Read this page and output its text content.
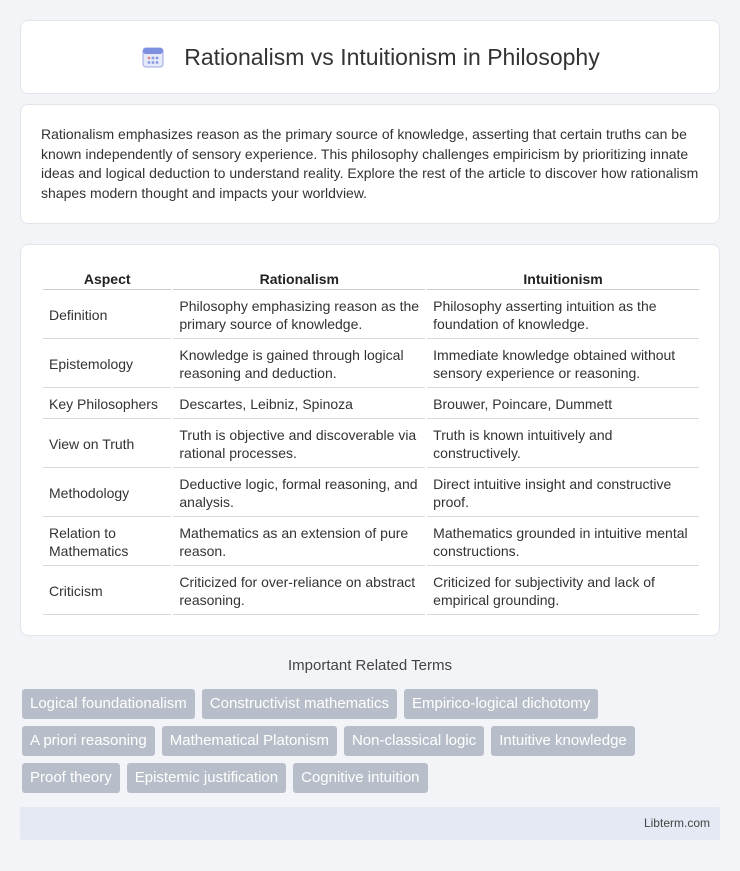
Rationalism vs Intuitionism in Philosophy

Rationalism emphasizes reason as the primary source of knowledge, asserting that certain truths can be known independently of sensory experience. This philosophy challenges empiricism by prioritizing innate ideas and logical deduction to understand reality. Explore the rest of the article to discover how rationalism shapes modern thought and impacts your worldview.

Aspect	Rationalism	Intuitionism
Definition	Philosophy emphasizing reason as the primary source of knowledge.	Philosophy asserting intuition as the foundation of knowledge.
Epistemology	Knowledge is gained through logical reasoning and deduction.	Immediate knowledge obtained without sensory experience or reasoning.
Key Philosophers	Descartes, Leibniz, Spinoza	Brouwer, Poincare, Dummett
View on Truth	Truth is objective and discoverable via rational processes.	Truth is known intuitively and constructively.
Methodology	Deductive logic, formal reasoning, and analysis.	Direct intuitive insight and constructive proof.
Relation to Mathematics	Mathematics as an extension of pure reason.	Mathematics grounded in intuitive mental constructions.
Criticism	Criticized for over-reliance on abstract reasoning.	Criticized for subjectivity and lack of empirical grounding.
Important Related Terms
Logical foundationalism	Constructivist mathematics	Empirico-logical dichotomy
A priori reasoning	Mathematical Platonism	Non-classical logic	Intuitive knowledge
Proof theory	Epistemic justification	Cognitive intuition
Libterm.com
